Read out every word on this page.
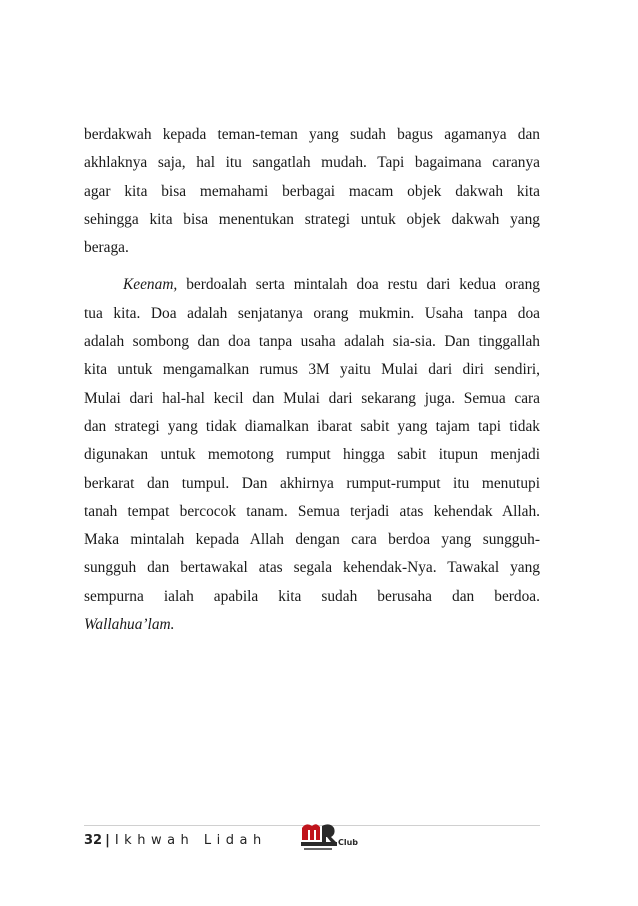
berdakwah kepada teman-teman yang sudah bagus agamanya dan
akhlaknya saja, hal itu sangatlah mudah. Tapi bagaimana caranya
agar kita bisa memahami berbagai macam objek dakwah kita
sehingga kita bisa menentukan strategi untuk objek dakwah yang
beraga.

Keenam, berdoalah serta mintalah doa restu dari kedua orang
tua kita. Doa adalah senjatanya orang mukmin. Usaha tanpa doa
adalah sombong dan doa tanpa usaha adalah sia-sia. Dan tinggallah
kita untuk mengamalkan rumus 3M yaitu Mulai dari diri sendiri,
Mulai dari hal-hal kecil dan Mulai dari sekarang juga. Semua cara
dan strategi yang tidak diamalkan ibarat sabit yang tajam tapi tidak
digunakan untuk memotong rumput hingga sabit itupun menjadi
berkarat dan tumpul. Dan akhirnya rumput-rumput itu menutupi
tanah tempat bercocok tanam. Semua terjadi atas kehendak Allah.
Maka mintalah kepada Allah dengan cara berdoa yang sungguh-
sungguh dan bertawakal atas segala kehendak-Nya. Tawakal yang
sempurna ialah apabila kita sudah berusaha dan berdoa.
Wallahua’lam.

32 | Ikhwah Lidah	Club
